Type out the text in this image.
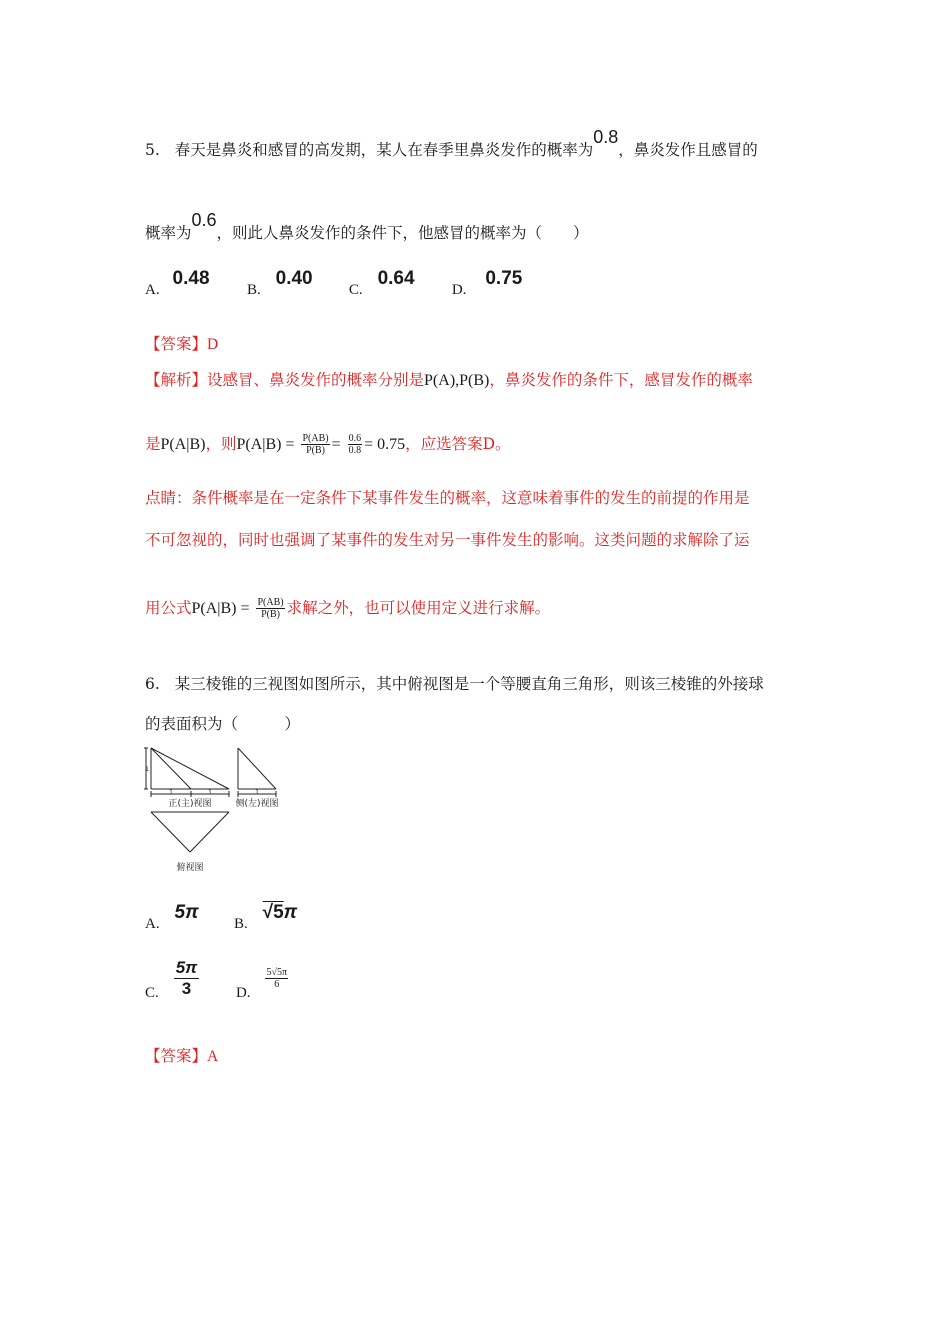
5. 春天是鼻炎和感冒的高发期，某人在春季里鼻炎发作的概率为0.8，鼻炎发作且感冒的
概率为0.6，则此人鼻炎发作的条件下，他感冒的概率为（　　）
A. 0.48 B. 0.40 C. 0.64 D. 0.75
【答案】D
【解析】设感冒、鼻炎发作的概率分别是P(A),P(B)，鼻炎发作的条件下，感冒发作的概率
是P(A|B)，则$P(A|B) = \frac{P(AB)}{P(B)} = \frac{0.6}{0.8} = 0.75$，应选答案D。
点睛：条件概率是在一定条件下某事件发生的概率，这意味着事件的发生的前提的作用是
不可忽视的，同时也强调了某事件的发生对另一事件发生的影响。这类问题的求解除了运
用公式$P(A|B) = \frac{P(AB)}{P(B)}$ 求解之外，也可以使用定义进行求解。
6. 某三棱锥的三视图如图所示，其中俯视图是一个等腰直角三角形，则该三棱锥的外接球
的表面积为（　　　）
1
1	1	1
正(主)视图	侧(左)视图
俯视图
A. 5π B. √5π
C. $\frac{5\pi}{3} D$.
$\frac{5√5\pi}{6}$
【答案】A
